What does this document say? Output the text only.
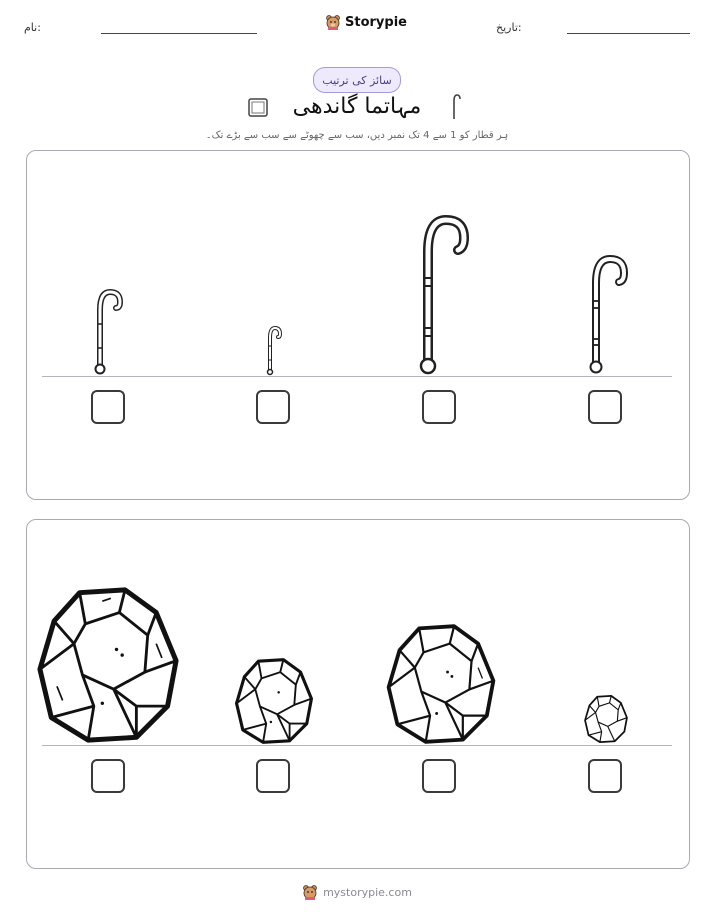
نام:	Storypie	تاریخ:
سائز کی ترتیب
مہاتما گاندھی
ہر قطار کو 1 سے 4 تک نمبر دیں، سب سے چھوٹے سے سب سے بڑے تک۔
mystorypie.com
